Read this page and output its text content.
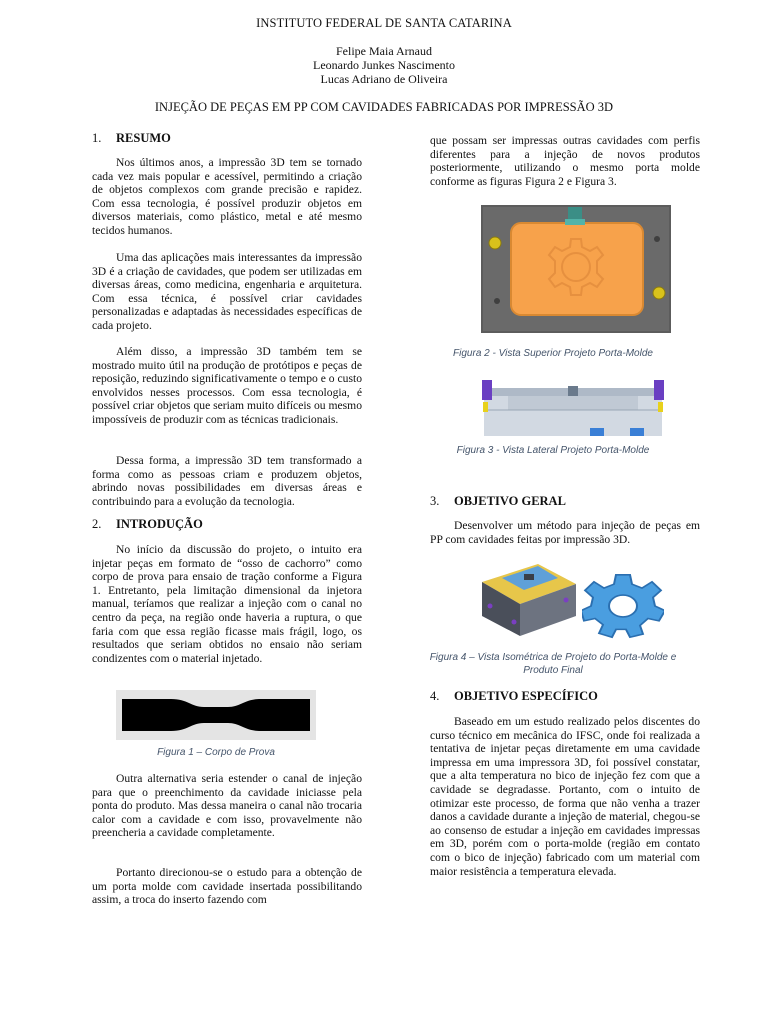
INSTITUTO FEDERAL DE SANTA CATARINA
Felipe Maia Arnaud
Leonardo Junkes Nascimento
Lucas Adriano de Oliveira
INJEÇÃO DE PEÇAS EM PP COM CAVIDADES FABRICADAS POR IMPRESSÃO 3D
1. RESUMO
Nos últimos anos, a impressão 3D tem se tornado cada vez mais popular e acessível, permitindo a criação de objetos complexos com grande precisão e rapidez. Com essa tecnologia, é possível produzir objetos em diversos materiais, como plástico, metal e até mesmo tecidos humanos.
Uma das aplicações mais interessantes da impressão 3D é a criação de cavidades, que podem ser utilizadas em diversas áreas, como medicina, engenharia e arquitetura. Com essa técnica, é possível criar cavidades personalizadas e adaptadas às necessidades específicas de cada projeto.
Além disso, a impressão 3D também tem se mostrado muito útil na produção de protótipos e peças de reposição, reduzindo significativamente o tempo e o custo envolvidos nesses processos. Com essa tecnologia, é possível criar objetos que seriam muito difíceis ou mesmo impossíveis de produzir com as técnicas tradicionais.
Dessa forma, a impressão 3D tem transformado a forma como as pessoas criam e produzem objetos, abrindo novas possibilidades em diversas áreas e contribuindo para a evolução da tecnologia.
2. INTRODUÇÃO
No início da discussão do projeto, o intuito era injetar peças em formato de “osso de cachorro” como corpo de prova para ensaio de tração conforme a Figura 1. Entretanto, pela limitação dimensional da injetora manual, teríamos que realizar a injeção com o canal no centro da peça, na região onde haveria a ruptura, o que faria com que essa região ficasse mais frágil, logo, os resultados que seriam obtidos no ensaio não seriam condizentes com o material injetado.
Figura 1 – Corpo de Prova
Outra alternativa seria estender o canal de injeção para que o preenchimento da cavidade iniciasse pela ponta do produto. Mas dessa maneira o canal não trocaria calor com a cavidade e com isso, provavelmente não preencheria a cavidade completamente.
Portanto direcionou-se o estudo para a obtenção de um porta molde com cavidade insertada possibilitando assim, a troca do inserto fazendo com
que possam ser impressas outras cavidades com perfis diferentes para a injeção de novos produtos posteriormente, utilizando o mesmo porta molde conforme as figuras Figura 2 e Figura 3.
Figura 2 - Vista Superior Projeto Porta-Molde
Figura 3 - Vista Lateral Projeto Porta-Molde
3. OBJETIVO GERAL
Desenvolver um método para injeção de peças em PP com cavidades feitas por impressão 3D.
Figura 4 – Vista Isométrica de Projeto do Porta-Molde e Produto Final
4. OBJETIVO ESPECÍFICO
Baseado em um estudo realizado pelos discentes do curso técnico em mecânica do IFSC, onde foi realizada a tentativa de injetar peças diretamente em uma cavidade impressa em uma impressora 3D, foi possível constatar, que a alta temperatura no bico de injeção fez com que a cavidade se degradasse. Portanto, com o intuito de otimizar este processo, de forma que não venha a trazer danos a cavidade durante a injeção de material, chegou-se ao consenso de estudar a injeção em cavidades impressas em 3D, porém com o porta-molde (região em contato com o bico de injeção) fabricado com um material com maior resistência a temperatura elevada.
